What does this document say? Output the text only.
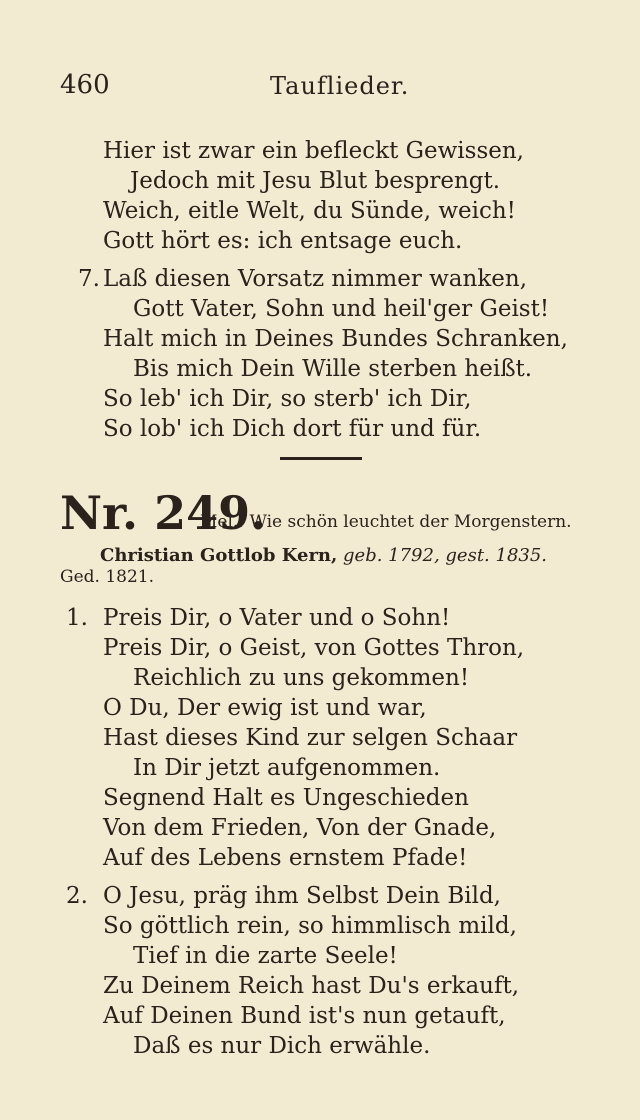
460	Tauflieder.
Hier ist zwar ein befleckt Gewissen,
Jedoch mit Jesu Blut besprengt.
Weich, eitle Welt, du Sünde, weich!
Gott hört es: ich entsage euch.
7. Laß diesen Vorsatz nimmer wanken,
Gott Vater, Sohn und heil'ger Geist!
Halt mich in Deines Bundes Schranken,
Bis mich Dein Wille sterben heißt.
So leb' ich Dir, so sterb' ich Dir,
So lob' ich Dich dort für und für.
Nr. 249.
Mel.: Wie schön leuchtet der Morgenstern.
Christian Gottlob Kern, geb. 1792, gest. 1835.
Ged. 1821.
1. Preis Dir, o Vater und o Sohn!
Preis Dir, o Geist, von Gottes Thron,
Reichlich zu uns gekommen!
O Du, Der ewig ist und war,
Hast dieses Kind zur selgen Schaar
In Dir jetzt aufgenommen.
Segnend Halt es Ungeschieden
Von dem Frieden, Von der Gnade,
Auf des Lebens ernstem Pfade!
2. O Jesu, präg ihm Selbst Dein Bild,
So göttlich rein, so himmlisch mild,
Tief in die zarte Seele!
Zu Deinem Reich hast Du's erkauft,
Auf Deinen Bund ist's nun getauft,
Daß es nur Dich erwähle.
